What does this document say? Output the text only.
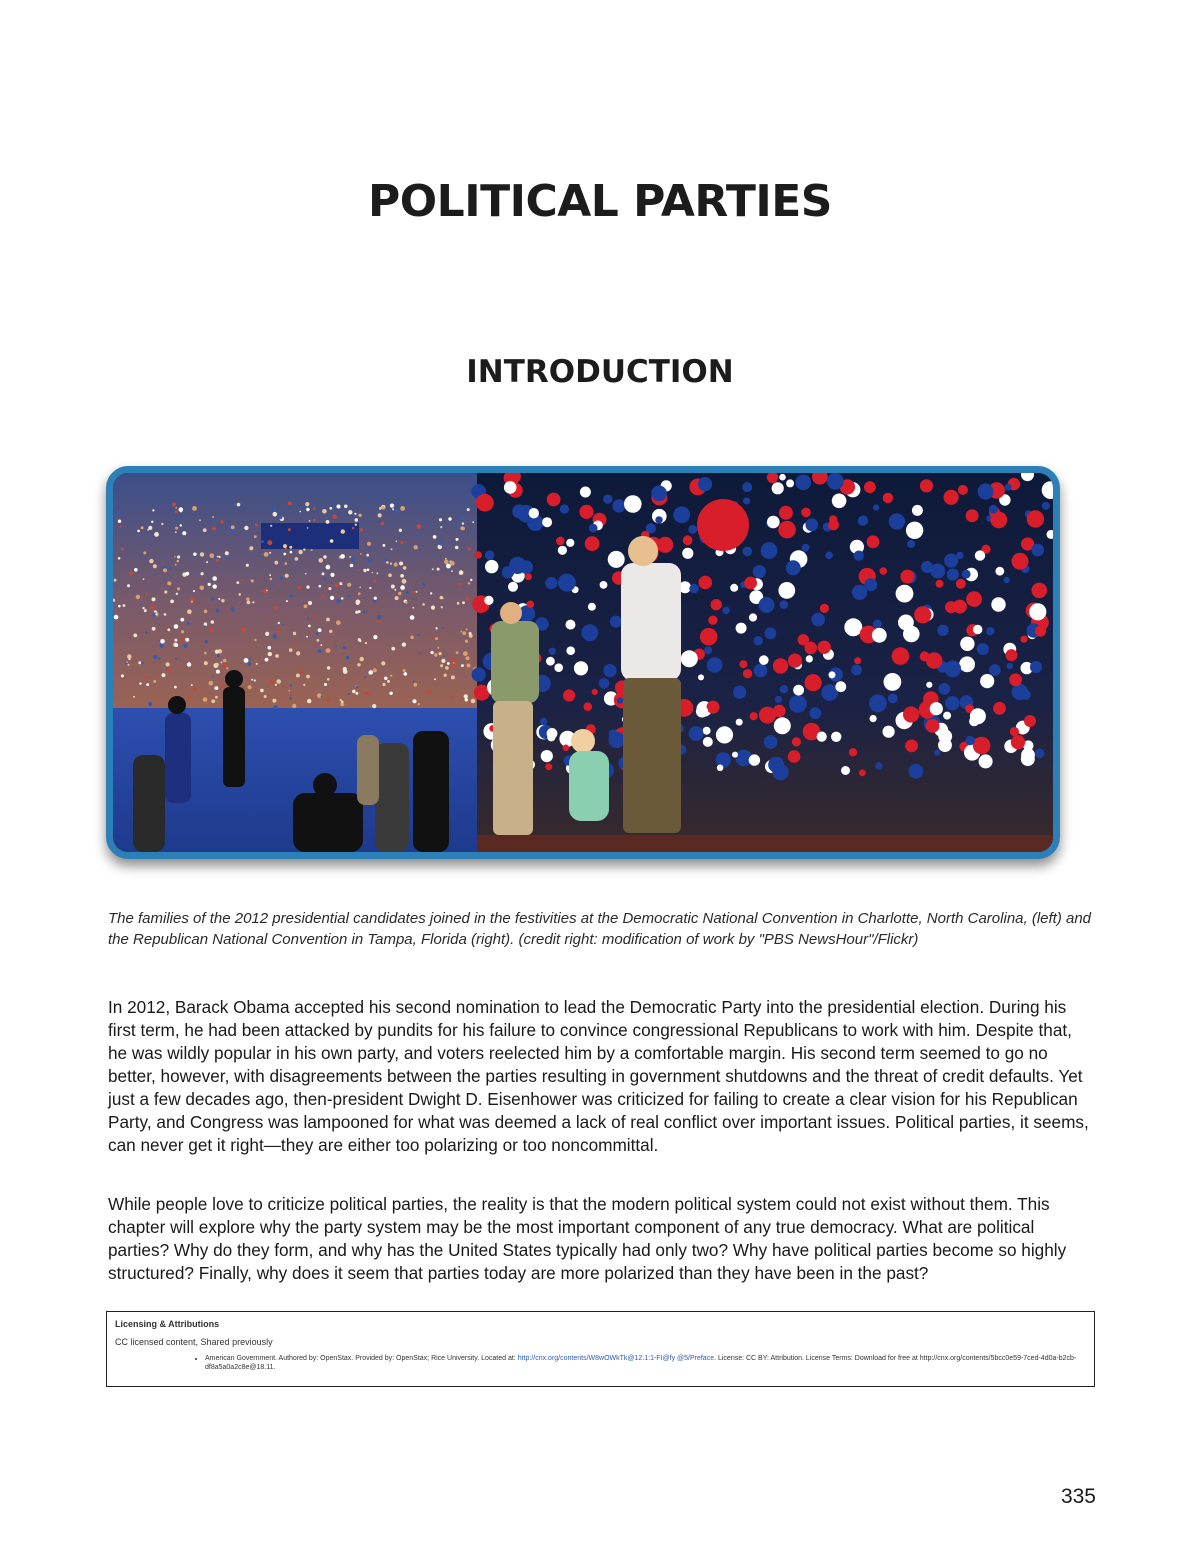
POLITICAL PARTIES
INTRODUCTION

The families of the 2012 presidential candidates joined in the festivities at the Democratic National Convention in Charlotte, North Carolina, (left) and the Republican National Convention in Tampa, Florida (right). (credit right: modification of work by "PBS NewsHour"/Flickr)

In 2012, Barack Obama accepted his second nomination to lead the Democratic Party into the presidential election. During his first term, he had been attacked by pundits for his failure to convince congressional Republicans to work with him. Despite that, he was wildly popular in his own party, and voters reelected him by a comfortable margin. His second term seemed to go no better, however, with disagreements between the parties resulting in government shutdowns and the threat of credit defaults. Yet just a few decades ago, then-president Dwight D. Eisenhower was criticized for failing to create a clear vision for his Republican Party, and Congress was lampooned for what was deemed a lack of real conflict over important issues. Political parties, it seems, can never get it right—they are either too polarizing or too noncommittal.

While people love to criticize political parties, the reality is that the modern political system could not exist without them. This chapter will explore why the party system may be the most important component of any true democracy. What are political parties? Why do they form, and why has the United States typically had only two? Why have political parties become so highly structured? Finally, why does it seem that parties today are more polarized than they have been in the past?

Licensing & Attributions

CC licensed content, Shared previously

• American Government. Authored by: OpenStax. Provided by: OpenStax; Rice University. Located at: http://cnx.org/contents/W8wOWkTk@12.1:1-FI@fy @5/Preface. License: CC BY: Attribution. License Terms: Download for free at http://cnx.org/contents/5bcc0e59-7ced-4d0a-b2cb-df8a5a0a2c8e@18.11.
335
